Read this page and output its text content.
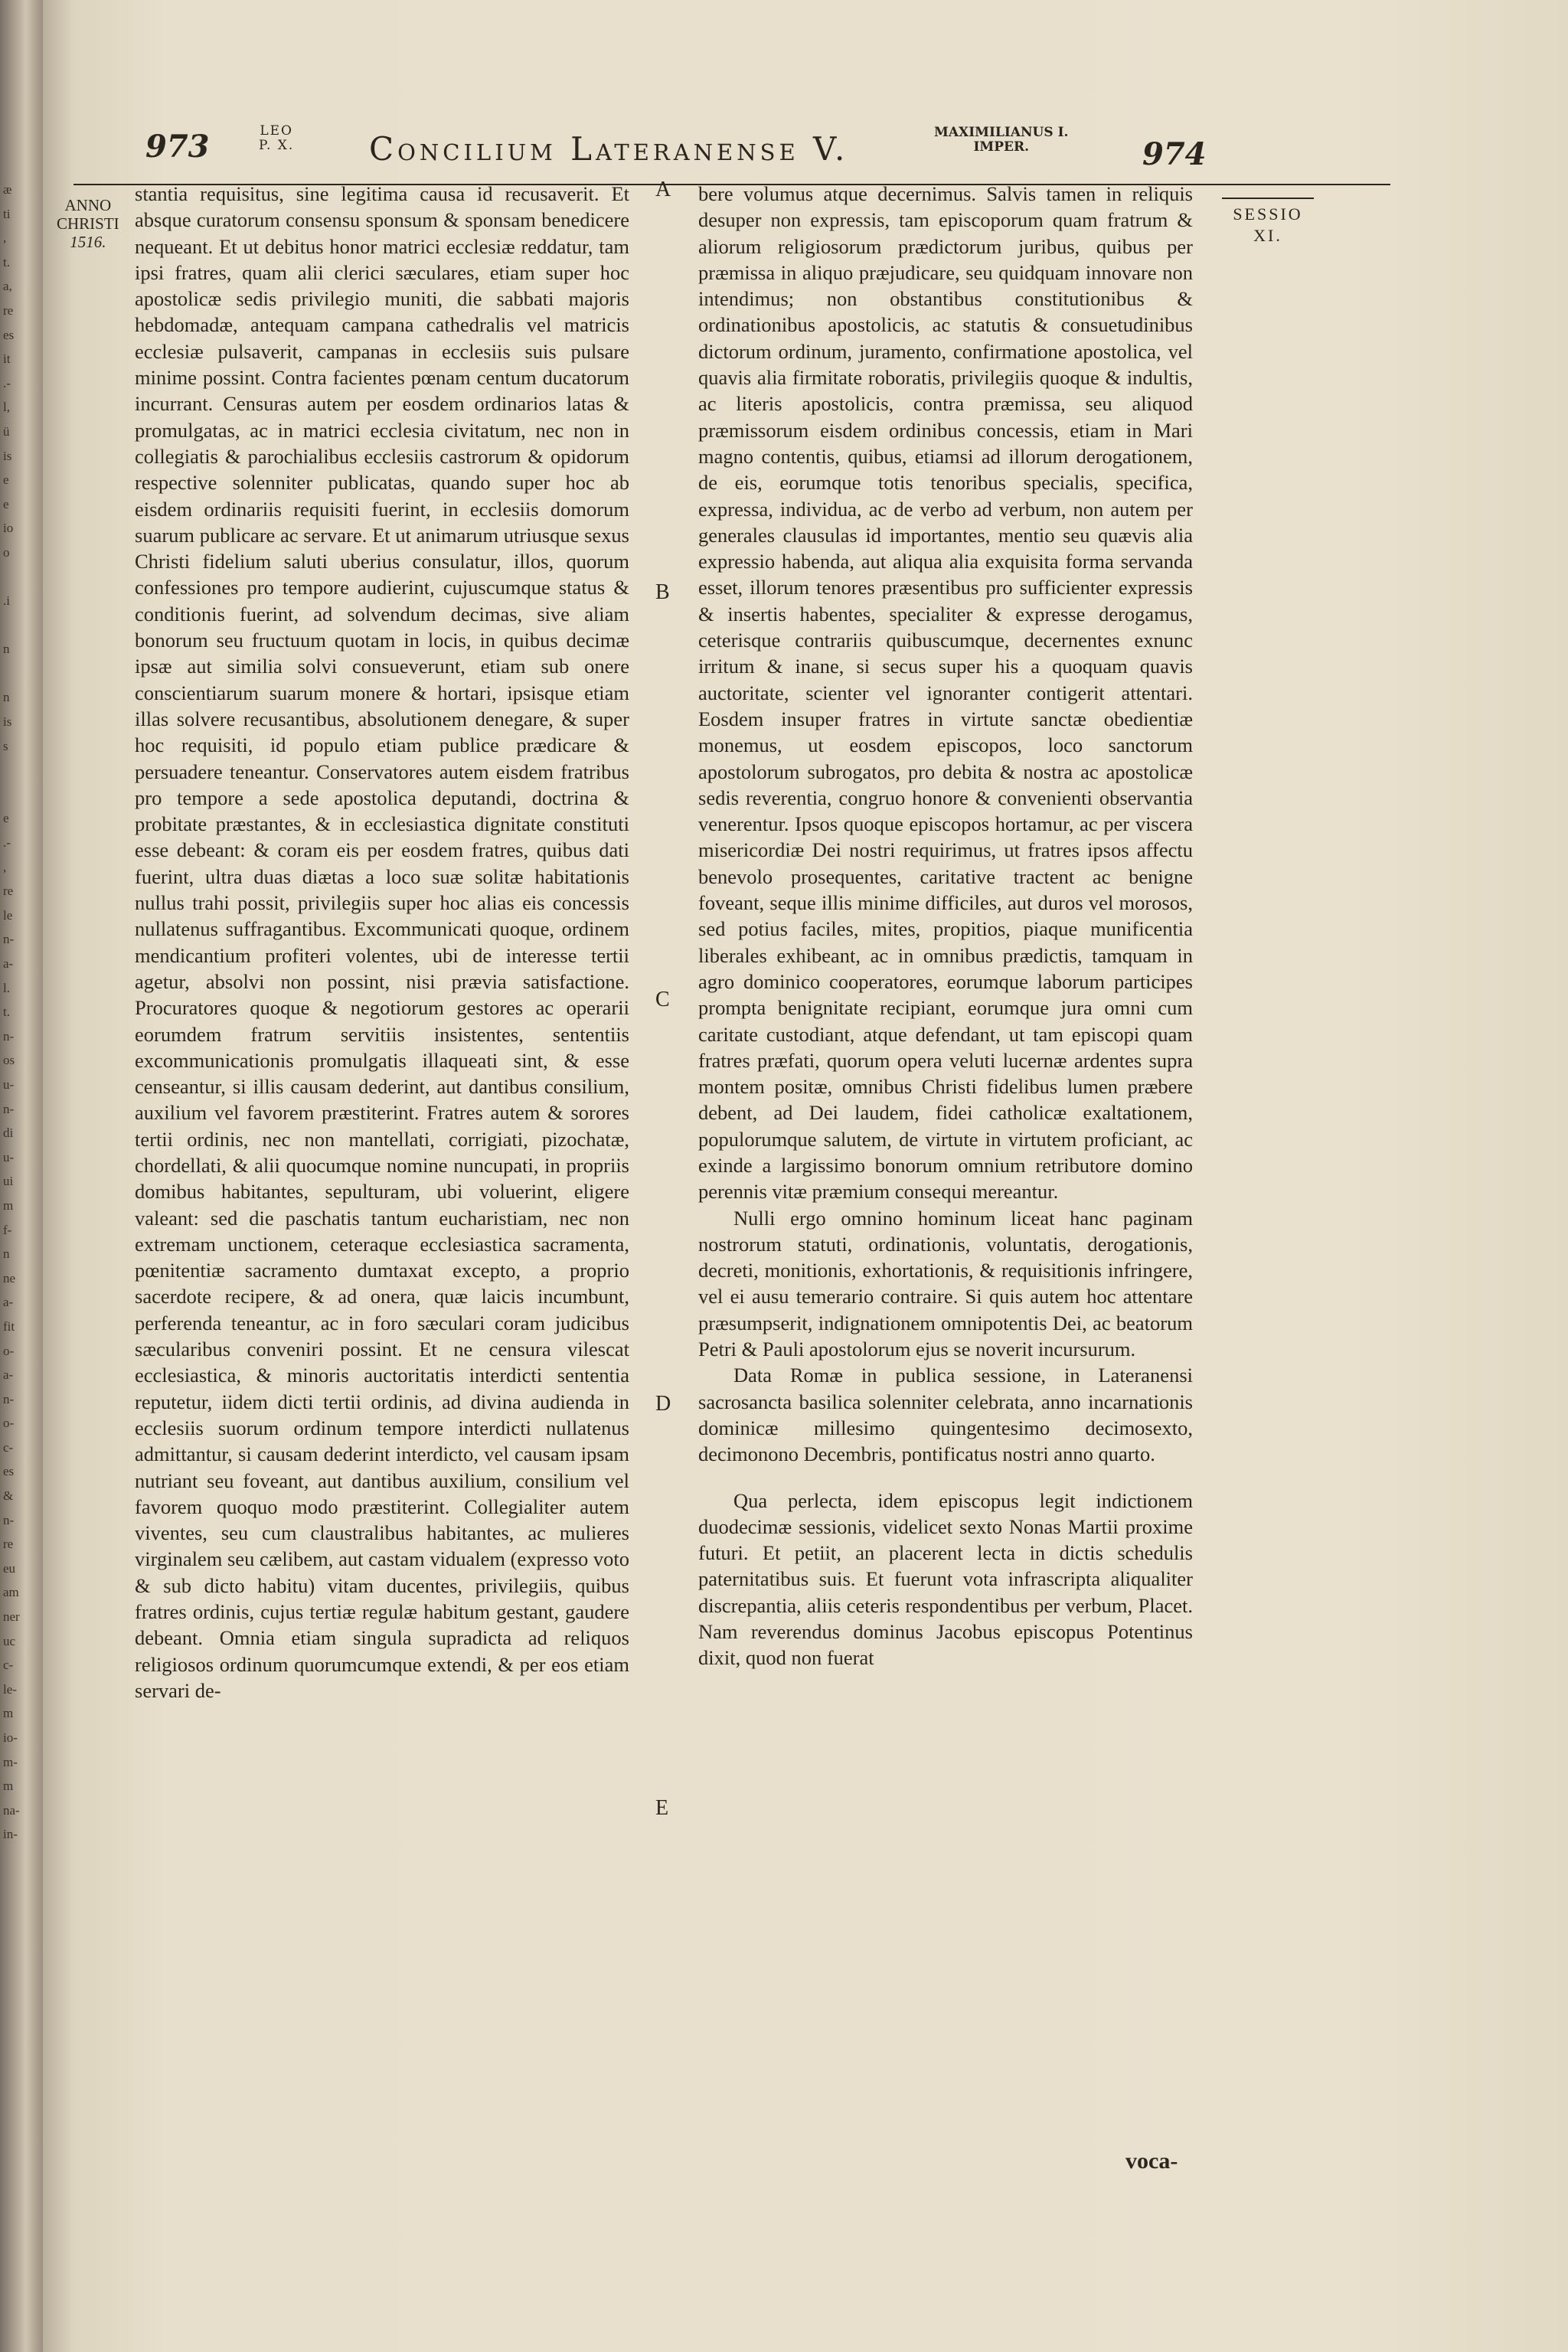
æ
ti
,
t.
a,
re
es
it
.-
l,
ü
is
e
e
io
o

.i

n

n
is
s

e
.-
,
re
le
n-
a-
l.
t.
n-
os
u-
n-
di
u-
ui
m
f-
n
ne
a-
fit
o-
a-
n-
o-
c-
es
&
n-
re
eu
am
ner
uc
c-
le-
m
io-
m-
m
na-
in-
973	LEO
P. X. Concilium Lateranense V.	MAXIMILIANUS I.
IMPER.	974
ANNO
CHRISTI
1516.
SESSIO
XI.

stantia requisitus, sine legitima causa id recusaverit. Et absque curatorum consensu sponsum & sponsam benedicere nequeant. Et ut debitus honor matrici ecclesiæ reddatur, tam ipsi fratres, quam alii clerici sæculares, etiam super hoc apostolicæ sedis privilegio muniti, die sabbati majoris hebdomadæ, antequam campana cathedralis vel matricis ecclesiæ pulsaverit, campanas in ecclesiis suis pulsare minime possint. Contra facientes pœnam centum ducatorum incurrant. Censuras autem per eosdem ordinarios latas & promulgatas, ac in matrici ecclesia civitatum, nec non in collegiatis & parochialibus ecclesiis castrorum & opidorum respective solenniter publicatas, quando super hoc ab eisdem ordinariis requisiti fuerint, in ecclesiis domorum suarum publicare ac servare. Et ut animarum utriusque sexus Christi fidelium saluti uberius consulatur, illos, quorum confessiones pro tempore audierint, cujuscumque status & conditionis fuerint, ad solvendum decimas, sive aliam bonorum seu fructuum quotam in locis, in quibus decimæ ipsæ aut similia solvi consueverunt, etiam sub onere conscientiarum suarum monere & hortari, ipsisque etiam illas solvere recusantibus, absolutionem denegare, & super hoc requisiti, id populo etiam publice prædicare & persuadere teneantur. Conservatores autem eisdem fratribus pro tempore a sede apostolica deputandi, doctrina & probitate præstantes, & in ecclesiastica dignitate constituti esse debeant: & coram eis per eosdem fratres, quibus dati fuerint, ultra duas diætas a loco suæ solitæ habitationis nullus trahi possit, privilegiis super hoc alias eis concessis nullatenus suffragantibus. Excommunicati quoque, ordinem mendicantium profiteri volentes, ubi de interesse tertii agetur, absolvi non possint, nisi prævia satisfactione. Procuratores quoque & negotiorum gestores ac operarii eorumdem fratrum servitiis insistentes, sententiis excommunicationis promulgatis illaqueati sint, & esse censeantur, si illis causam dederint, aut dantibus consilium, auxilium vel favorem præstiterint. Fratres autem & sorores tertii ordinis, nec non mantellati, corrigiati, pizochatæ, chordellati, & alii quocumque nomine nuncupati, in propriis domibus habitantes, sepulturam, ubi voluerint, eligere valeant: sed die paschatis tantum eucharistiam, nec non extremam unctionem, ceteraque ecclesiastica sacramenta, pœnitentiæ sacramento dumtaxat excepto, a proprio sacerdote recipere, & ad onera, quæ laicis incumbunt, perferenda teneantur, ac in foro sæculari coram judicibus sæcularibus conveniri possint. Et ne censura vilescat ecclesiastica, & minoris auctoritatis interdicti sententia reputetur, iidem dicti tertii ordinis, ad divina audienda in ecclesiis suorum ordinum tempore interdicti nullatenus admittantur, si causam dederint interdicto, vel causam ipsam nutriant seu foveant, aut dantibus auxilium, consilium vel favorem quoquo modo præstiterint. Collegialiter autem viventes, seu cum claustralibus habitantes, ac mulieres virginalem seu cælibem, aut castam vidualem (expresso voto & sub dicto habitu) vitam ducentes, privilegiis, quibus fratres ordinis, cujus tertiæ regulæ habitum gestant, gaudere debeant. Omnia etiam singula supradicta ad reliquos religiosos ordinum quorumcumque extendi, & per eos etiam servari de-

A
B
C
D
E

bere volumus atque decernimus. Salvis tamen in reliquis desuper non expressis, tam episcoporum quam fratrum & aliorum religiosorum prædictorum juribus, quibus per præmissa in aliquo præjudicare, seu quidquam innovare non intendimus; non obstantibus constitutionibus & ordinationibus apostolicis, ac statutis & consuetudinibus dictorum ordinum, juramento, confirmatione apostolica, vel quavis alia firmitate roboratis, privilegiis quoque & indultis, ac literis apostolicis, contra præmissa, seu aliquod præmissorum eisdem ordinibus concessis, etiam in Mari magno contentis, quibus, etiamsi ad illorum derogationem, de eis, eorumque totis tenoribus specialis, specifica, expressa, individua, ac de verbo ad verbum, non autem per generales clausulas id importantes, mentio seu quævis alia expressio habenda, aut aliqua alia exquisita forma servanda esset, illorum tenores præsentibus pro sufficienter expressis & insertis habentes, specialiter & expresse derogamus, ceterisque contrariis quibuscumque, decernentes exnunc irritum & inane, si secus super his a quoquam quavis auctoritate, scienter vel ignoranter contigerit attentari. Eosdem insuper fratres in virtute sanctæ obedientiæ monemus, ut eosdem episcopos, loco sanctorum apostolorum subrogatos, pro debita & nostra ac apostolicæ sedis reverentia, congruo honore & convenienti observantia venerentur. Ipsos quoque episcopos hortamur, ac per viscera misericordiæ Dei nostri requirimus, ut fratres ipsos affectu benevolo prosequentes, caritative tractent ac benigne foveant, seque illis minime difficiles, aut duros vel morosos, sed potius faciles, mites, propitios, piaque munificentia liberales exhibeant, ac in omnibus prædictis, tamquam in agro dominico cooperatores, eorumque laborum participes prompta benignitate recipiant, eorumque jura omni cum caritate custodiant, atque defendant, ut tam episcopi quam fratres præfati, quorum opera veluti lucernæ ardentes supra montem positæ, omnibus Christi fidelibus lumen præbere debent, ad Dei laudem, fidei catholicæ exaltationem, populorumque salutem, de virtute in virtutem proficiant, ac exinde a largissimo bonorum omnium retributore domino perennis vitæ præmium consequi mereantur.

Nulli ergo omnino hominum liceat hanc paginam nostrorum statuti, ordinationis, voluntatis, derogationis, decreti, monitionis, exhortationis, & requisitionis infringere, vel ei ausu temerario contraire. Si quis autem hoc attentare præsumpserit, indignationem omnipotentis Dei, ac beatorum Petri & Pauli apostolorum ejus se noverit incursurum.

Data Romæ in publica sessione, in Lateranensi sacrosancta basilica solenniter celebrata, anno incarnationis dominicæ millesimo quingentesimo decimosexto, decimonono Decembris, pontificatus nostri anno quarto.

Qua perlecta, idem episcopus legit indictionem duodecimæ sessionis, videlicet sexto Nonas Martii proxime futuri. Et petiit, an placerent lecta in dictis schedulis paternitatibus suis. Et fuerunt vota infrascripta aliqualiter discrepantia, aliis ceteris respondentibus per verbum, Placet. Nam reverendus dominus Jacobus episcopus Potentinus dixit, quod non fuerat

voca-
